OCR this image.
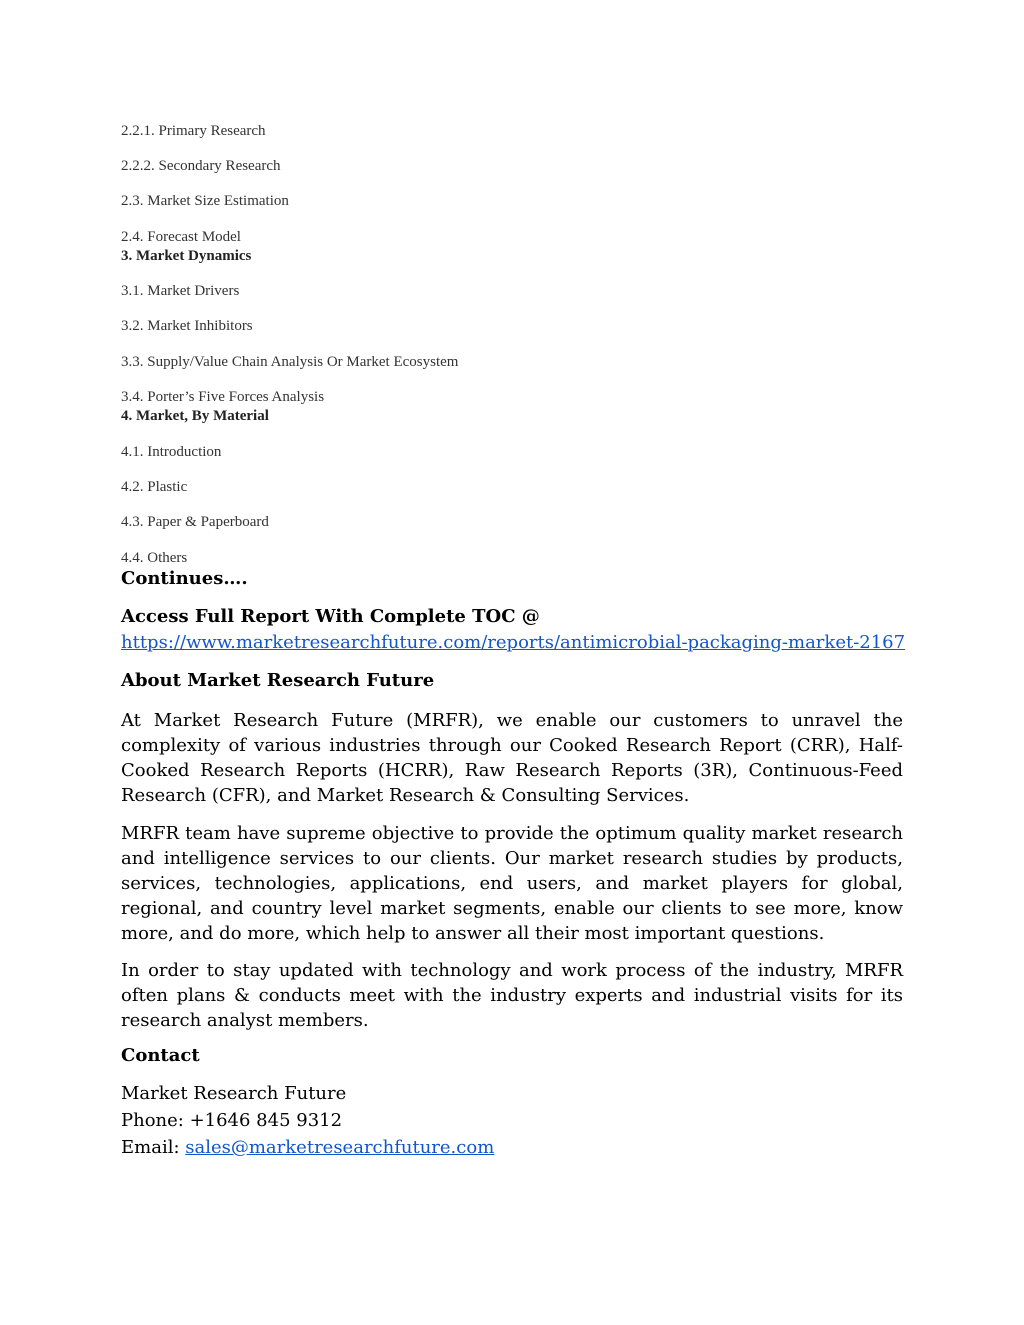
2.2.1. Primary Research
2.2.2. Secondary Research
2.3. Market Size Estimation
2.4. Forecast Model
3. Market Dynamics
3.1. Market Drivers
3.2. Market Inhibitors
3.3. Supply/Value Chain Analysis Or Market Ecosystem
3.4. Porter’s Five Forces Analysis
4. Market, By Material
4.1. Introduction
4.2. Plastic
4.3. Paper & Paperboard
4.4. Others
Continues….
Access Full Report With Complete TOC @
https://www.marketresearchfuture.com/reports/antimicrobial-packaging-market-2167
About Market Research Future

At Market Research Future (MRFR), we enable our customers to unravel the complexity of various industries through our Cooked Research Report (CRR), Half-Cooked Research Reports (HCRR), Raw Research Reports (3R), Continuous-Feed Research (CFR), and Market Research & Consulting Services.

MRFR team have supreme objective to provide the optimum quality market research and intelligence services to our clients. Our market research studies by products, services, technologies, applications, end users, and market players for global, regional, and country level market segments, enable our clients to see more, know more, and do more, which help to answer all their most important questions.

In order to stay updated with technology and work process of the industry, MRFR often plans & conducts meet with the industry experts and industrial visits for its research analyst members.

Contact
Market Research Future
Phone: +1646 845 9312
Email: sales@marketresearchfuture.com
